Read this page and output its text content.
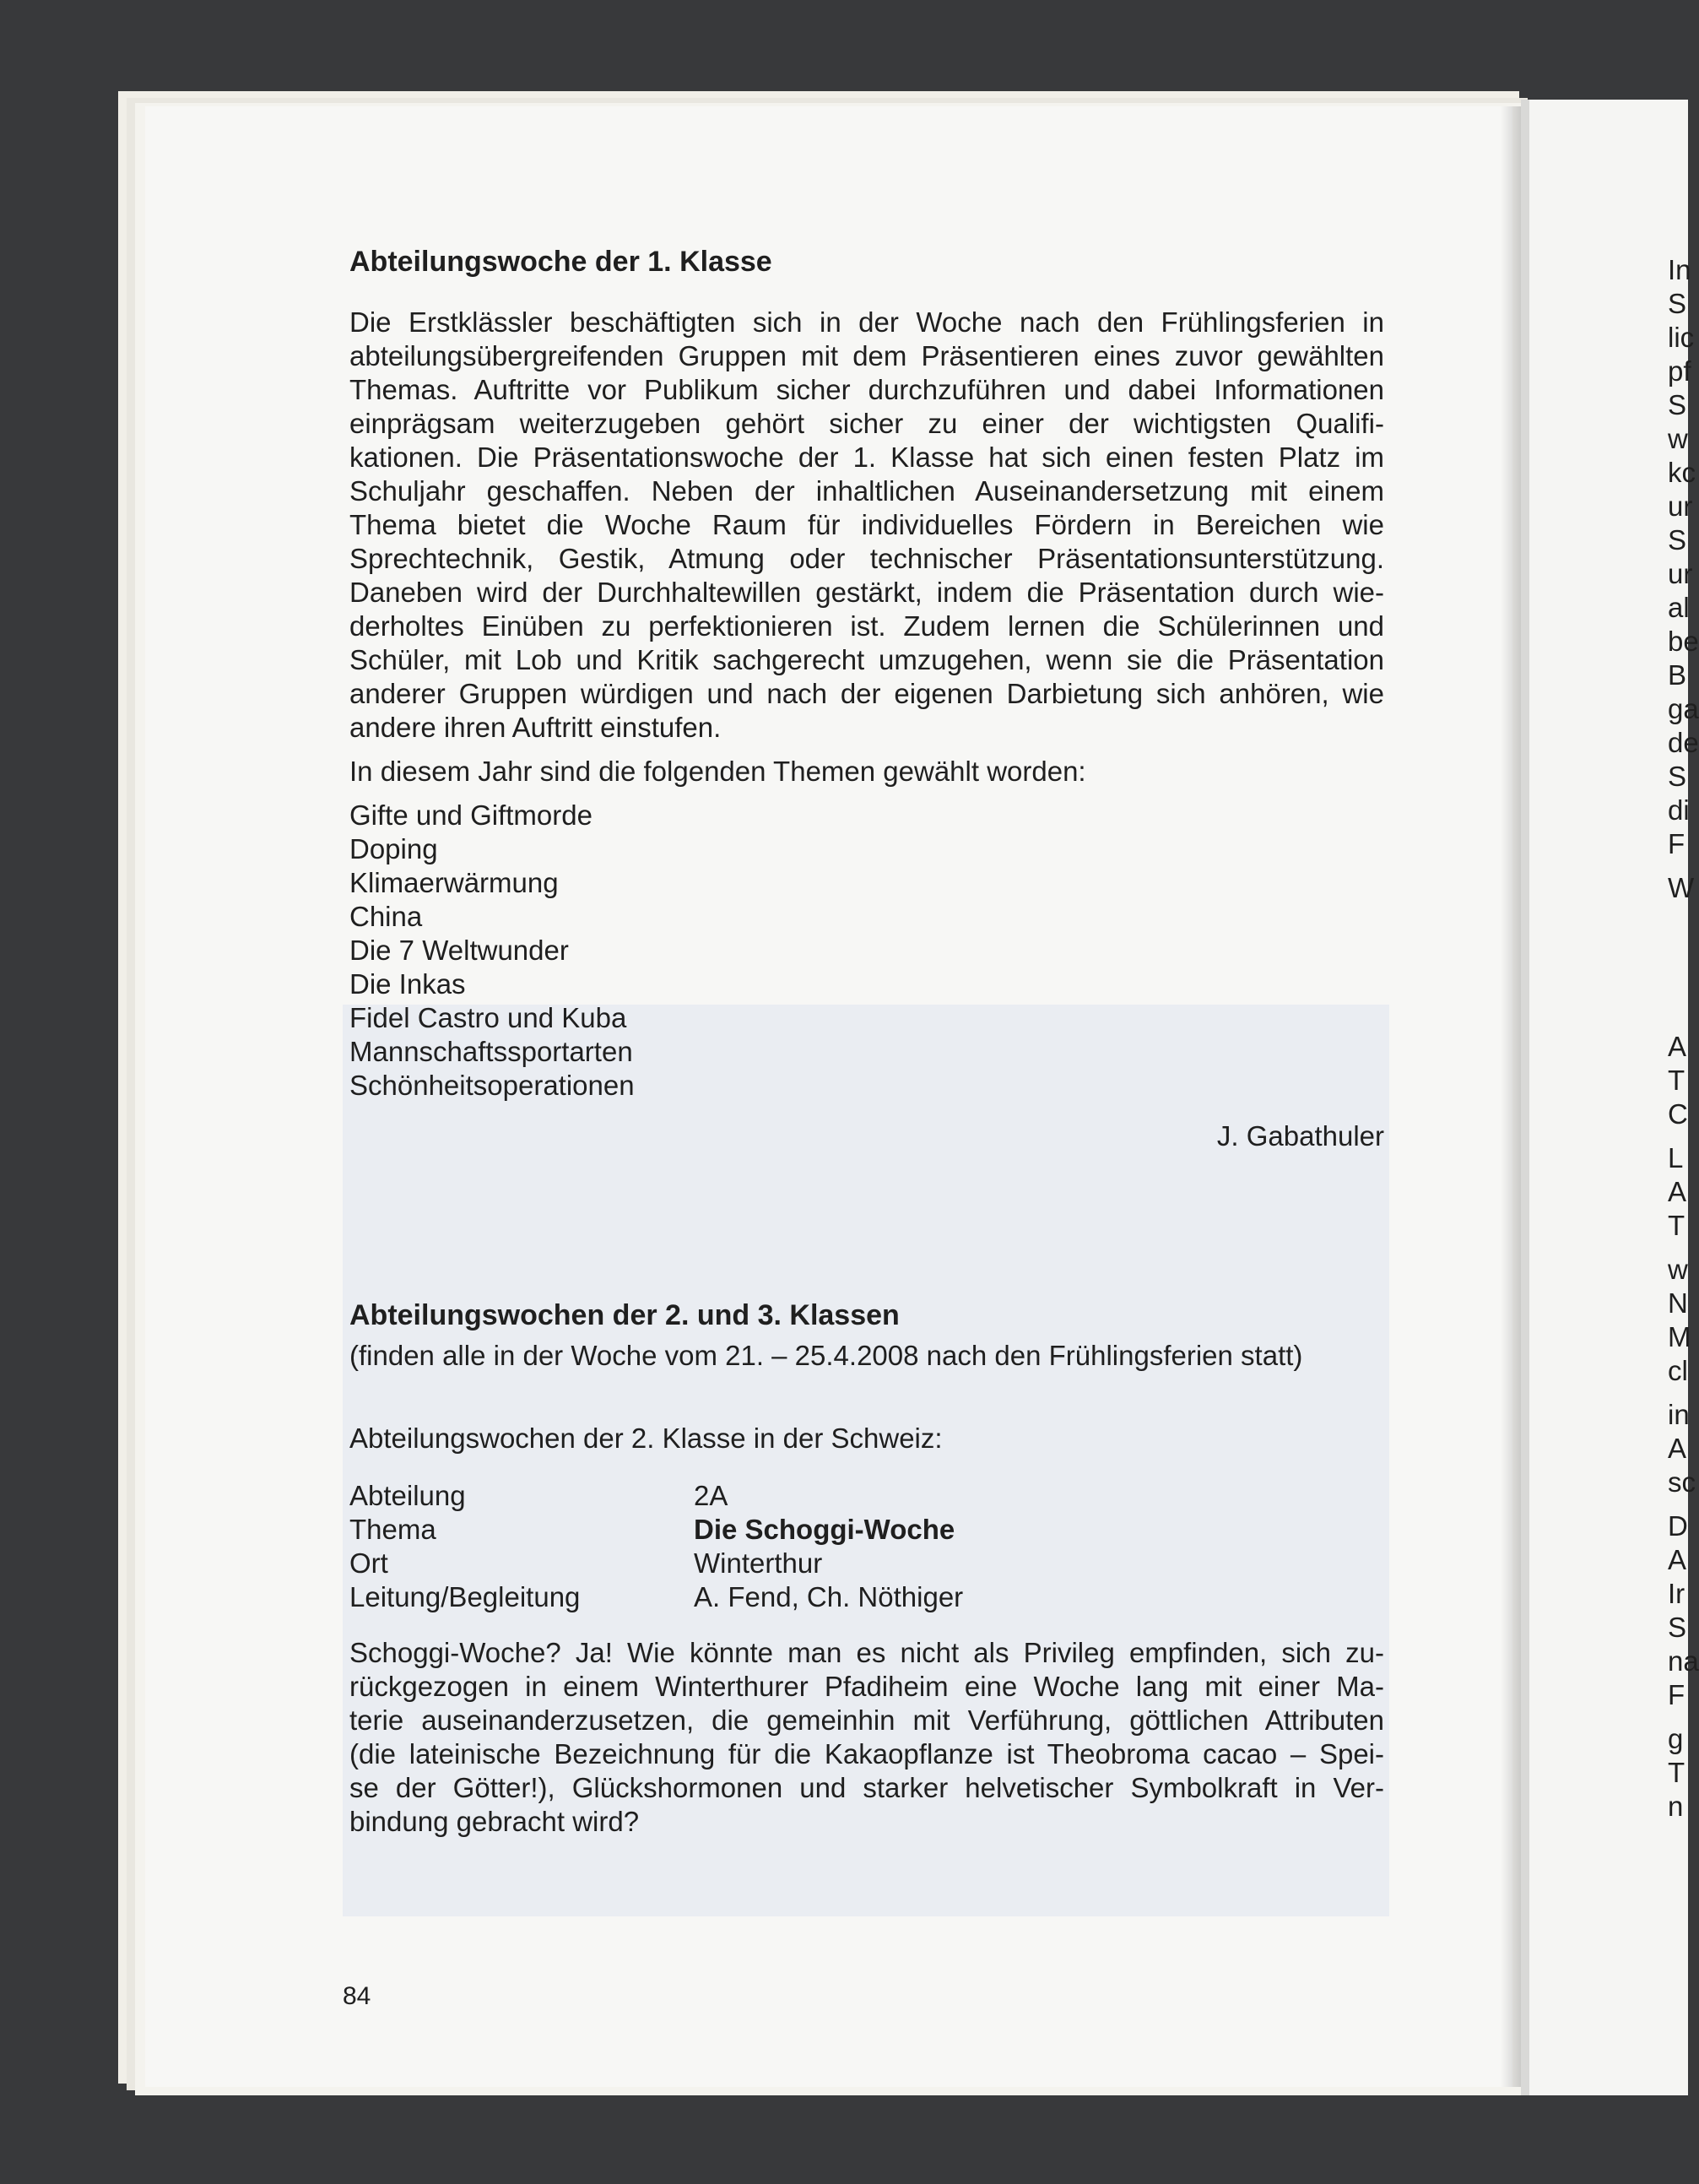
Abteilungswoche der 1. Klasse

Die Erstklässler beschäftigten sich in der Woche nach den Frühlingsferien in
abteilungsübergreifenden Gruppen mit dem Präsentieren eines zuvor gewählten
Themas. Auftritte vor Publikum sicher durchzuführen und dabei Informationen
einprägsam weiterzugeben gehört sicher zu einer der wichtigsten Qualifi-
kationen. Die Präsentationswoche der 1. Klasse hat sich einen festen Platz im
Schuljahr geschaffen. Neben der inhaltlichen Auseinandersetzung mit einem
Thema bietet die Woche Raum für individuelles Fördern in Bereichen wie
Sprechtechnik, Gestik, Atmung oder technischer Präsentationsunterstützung.
Daneben wird der Durchhaltewillen gestärkt, indem die Präsentation durch wie-
derholtes Einüben zu perfektionieren ist. Zudem lernen die Schülerinnen und
Schüler, mit Lob und Kritik sachgerecht umzugehen, wenn sie die Präsentation
anderer Gruppen würdigen und nach der eigenen Darbietung sich anhören, wie
andere ihren Auftritt einstufen.

In diesem Jahr sind die folgenden Themen gewählt worden:

Gifte und Giftmorde
Doping
Klimaerwärmung
China
Die 7 Weltwunder
Die Inkas
Fidel Castro und Kuba
Mannschaftssportarten
Schönheitsoperationen

J. Gabathuler

Abteilungswochen der 2. und 3. Klassen

(finden alle in der Woche vom 21. – 25.4.2008 nach den Frühlingsferien statt)

Abteilungswochen der 2. Klasse in der Schweiz:

Abteilung	2A
Thema	Die Schoggi-Woche
Ort	Winterthur
Leitung/Begleitung	A. Fend, Ch. Nöthiger

Schoggi-Woche? Ja! Wie könnte man es nicht als Privileg empfinden, sich zu-
rückgezogen in einem Winterthurer Pfadiheim eine Woche lang mit einer Ma-
terie auseinanderzusetzen, die gemeinhin mit Verführung, göttlichen Attributen
(die lateinische Bezeichnung für die Kakaopflanze ist Theobroma cacao – Spei-
se der Götter!), Glückshormonen und starker helvetischer Symbolkraft in Ver-
bindung gebracht wird?

84
In
S
lic
pf
S
w
kc
ur
S
ur
al
be
B
ga
de
S
di
F
W
A
T
C
L
A
T
w
N
M
cl
in
A
sc
D
A
Ir
S
na
F
g
T
n
